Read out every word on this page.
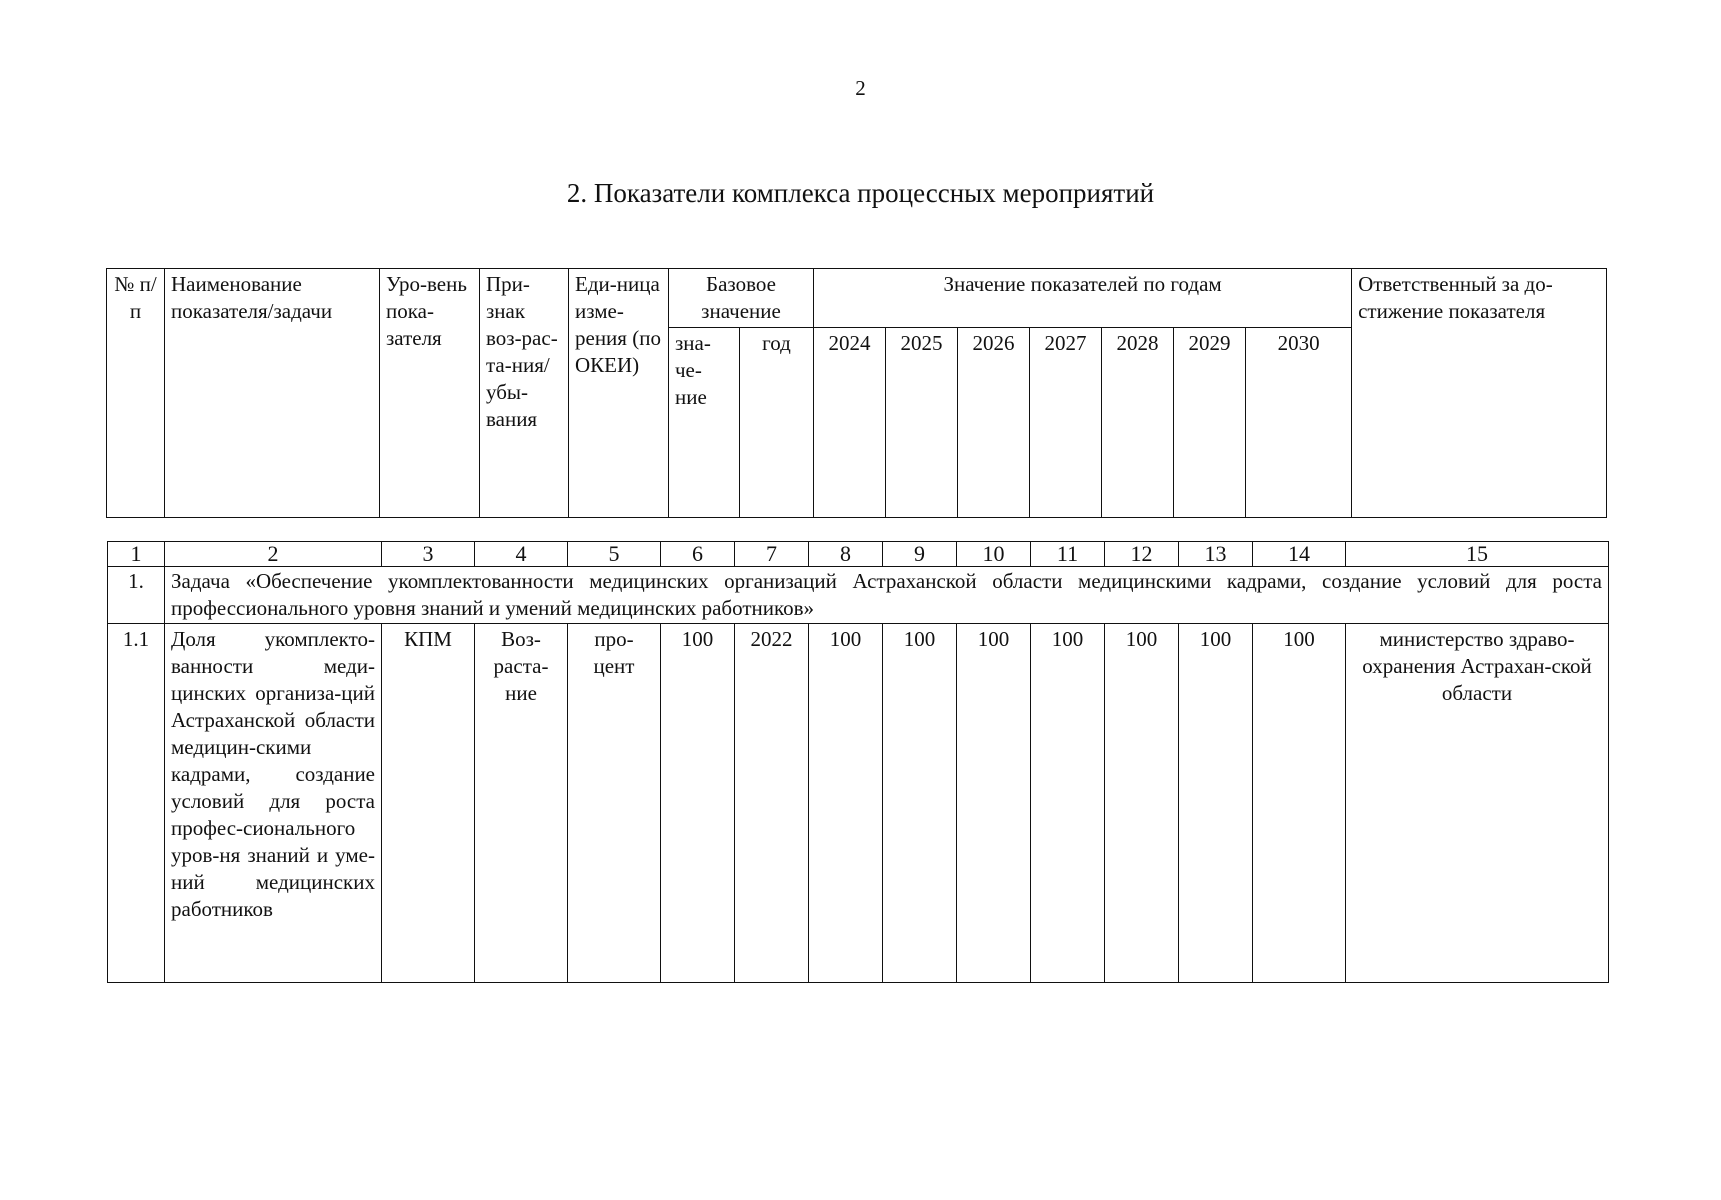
2
2. Показатели комплекса процессных мероприятий
№ п/п	Наименование показателя/задачи	Уро-вень пока-зателя	При-знак воз-рас-та-ния/ убы-вания	Еди-ница изме-рения (по ОКЕИ)	Базовое значение		Значение показателей по годам							Ответственный за до-стижение показателя
					зна-че-ние	год	2024	2025	2026	2027	2028	2029	2030	
1	2	3	4	5	6	7	8	9	10	11	12	13	14	15
1.	Задача «Обеспечение укомплектованности медицинских организаций Астраханской области медицинскими кадрами, создание условий для роста профессионального уровня знаний и умений медицинских работников»													
1.1	Доля укомплекто-ванности меди-цинских организа-ций Астраханской области медицин-скими кадрами, создание условий для роста профес-сионального уров-ня знаний и уме-ний медицинских работников	КПМ	Воз-раста-ние	про-цент	100	2022	100	100	100	100	100	100	100	министерство здраво-охранения Астрахан-ской области
